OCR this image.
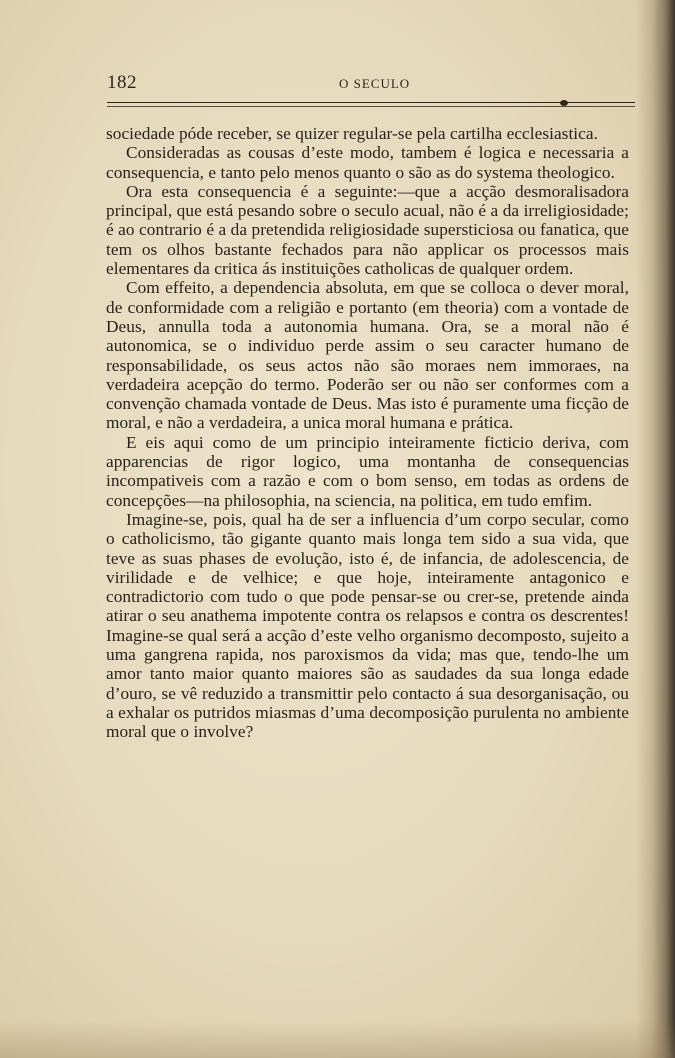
182	O SECULO

sociedade póde receber, se quizer regular-se pela cartilha ecclesiastica.

Consideradas as cousas d’este modo, tambem é logica e necessaria a consequencia, e tanto pelo menos quanto o são as do systema theologico.

Ora esta consequencia é a seguinte:—que a acção desmoralisadora principal, que está pesando sobre o seculo acual, não é a da irreligiosidade; é ao contrario é a da pretendida religiosidade supersticiosa ou fanatica, que tem os olhos bastante fechados para não applicar os processos mais elementares da critica ás instituições catholicas de qualquer ordem.

Com effeito, a dependencia absoluta, em que se colloca o dever moral, de conformidade com a religião e portanto (em theoria) com a vontade de Deus, annulla toda a autonomia humana. Ora, se a moral não é autonomica, se o individuo perde assim o seu caracter humano de responsabilidade, os seus actos não são moraes nem immoraes, na verdadeira acepção do termo. Poderão ser ou não ser conformes com a convenção chamada vontade de Deus. Mas isto é puramente uma ficção de moral, e não a verdadeira, a unica moral humana e prática.

E eis aqui como de um principio inteiramente ficticio deriva, com apparencias de rigor logico, uma montanha de consequencias incompativeis com a razão e com o bom senso, em todas as ordens de concepções—na philosophia, na sciencia, na politica, em tudo emfim.

Imagine-se, pois, qual ha de ser a influencia d’um corpo secular, como o catholicismo, tão gigante quanto mais longa tem sido a sua vida, que teve as suas phases de evolução, isto é, de infancia, de adolescencia, de virilidade e de velhice; e que hoje, inteiramente antagonico e contradictorio com tudo o que pode pensar-se ou crer-se, pretende ainda atirar o seu anathema impotente contra os relapsos e contra os descrentes! Imagine-se qual será a acção d’este velho organismo decomposto, sujeito a uma gangrena rapida, nos paroxismos da vida; mas que, tendo-lhe um amor tanto maior quanto maiores são as saudades da sua longa edade d’ouro, se vê reduzido a transmittir pelo contacto á sua desorganisação, ou a exhalar os putridos miasmas d’uma decomposição purulenta no ambiente moral que o involve?
